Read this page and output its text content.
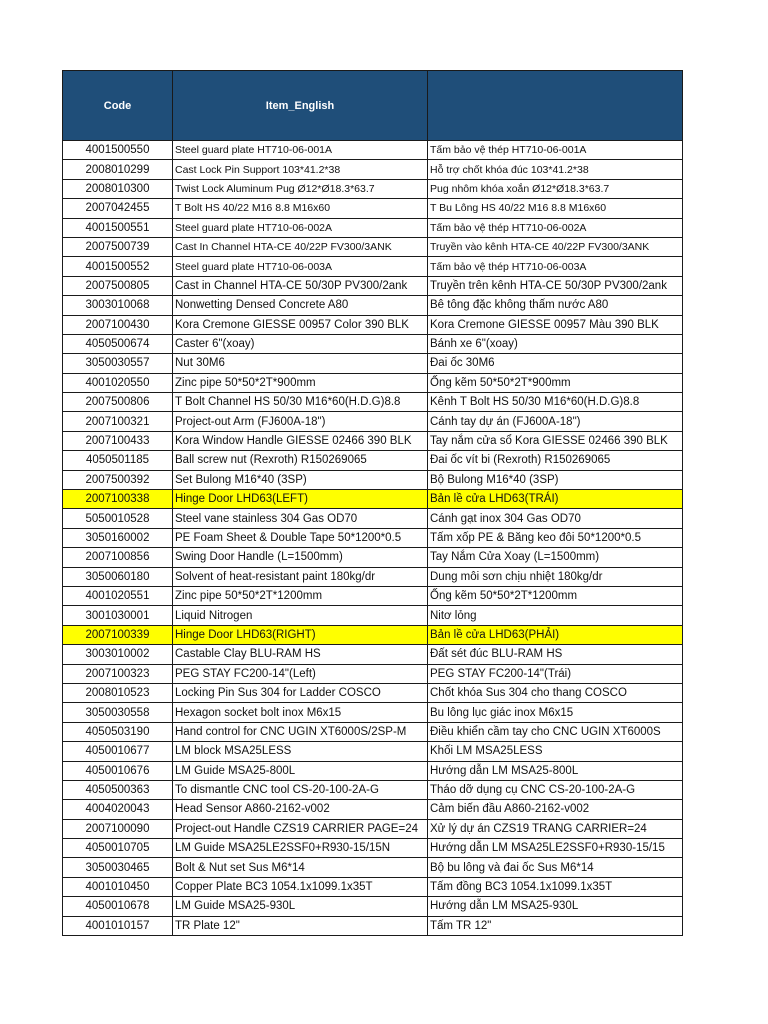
Code	Item_English	
4001500550	Steel guard plate HT710-06-001A	Tấm bảo vệ thép HT710-06-001A
2008010299	Cast Lock Pin Support 103*41.2*38	Hỗ trợ chốt khóa đúc 103*41.2*38
2008010300	Twist Lock Aluminum Pug Ø12*Ø18.3*63.7	Pug nhôm khóa xoắn Ø12*Ø18.3*63.7
2007042455	T Bolt HS 40/22 M16 8.8 M16x60	T Bu Lông HS 40/22 M16 8.8 M16x60
4001500551	Steel guard plate HT710-06-002A	Tấm bảo vệ thép HT710-06-002A
2007500739	Cast In Channel HTA-CE 40/22P FV300/3ANK	Truyền vào kênh HTA-CE 40/22P FV300/3ANK
4001500552	Steel guard plate HT710-06-003A	Tấm bảo vệ thép HT710-06-003A
2007500805	Cast in Channel HTA-CE 50/30P PV300/2ank	Truyền trên kênh HTA-CE 50/30P PV300/2ank
3003010068	Nonwetting Densed Concrete A80	Bê tông đặc không thấm nước A80
2007100430	Kora Cremone GIESSE 00957 Color 390 BLK	Kora Cremone GIESSE 00957 Màu 390 BLK
4050500674	Caster 6"(xoay)	Bánh xe 6"(xoay)
3050030557	Nut 30M6	Đai ốc 30M6
4001020550	Zinc pipe 50*50*2T*900mm	Ống kẽm 50*50*2T*900mm
2007500806	T Bolt Channel HS 50/30 M16*60(H.D.G)8.8	Kênh T Bolt HS 50/30 M16*60(H.D.G)8.8
2007100321	Project-out Arm (FJ600A-18")	Cánh tay dự án (FJ600A-18")
2007100433	Kora Window Handle GIESSE 02466 390 BLK	Tay nắm cửa sổ Kora GIESSE 02466 390 BLK
4050501185	Ball screw nut (Rexroth) R150269065	Đai ốc vít bi (Rexroth) R150269065
2007500392	Set Bulong M16*40 (3SP)	Bộ Bulong M16*40 (3SP)
2007100338	Hinge Door LHD63(LEFT)	Bản lề cửa LHD63(TRÁI)
5050010528	Steel vane stainless 304 Gas OD70	Cánh gạt inox 304 Gas OD70
3050160002	PE Foam Sheet & Double Tape 50*1200*0.5	Tấm xốp PE & Băng keo đôi 50*1200*0.5
2007100856	Swing Door Handle (L=1500mm)	Tay Nắm Cửa Xoay (L=1500mm)
3050060180	Solvent of heat-resistant paint 180kg/dr	Dung môi sơn chịu nhiệt 180kg/dr
4001020551	Zinc pipe 50*50*2T*1200mm	Ống kẽm 50*50*2T*1200mm
3001030001	Liquid Nitrogen	Nitơ lỏng
2007100339	Hinge Door LHD63(RIGHT)	Bản lề cửa LHD63(PHẢI)
3003010002	Castable Clay BLU-RAM HS	Đất sét đúc BLU-RAM HS
2007100323	PEG STAY FC200-14"(Left)	PEG STAY FC200-14"(Trái)
2008010523	Locking Pin Sus 304 for Ladder COSCO	Chốt khóa Sus 304 cho thang COSCO
3050030558	Hexagon socket bolt inox M6x15	Bu lông lục giác inox M6x15
4050503190	Hand control for CNC UGIN XT6000S/2SP-M	Điều khiển cầm tay cho CNC UGIN XT6000S
4050010677	LM block MSA25LESS	Khối LM MSA25LESS
4050010676	LM Guide MSA25-800L	Hướng dẫn LM MSA25-800L
4050500363	To dismantle CNC tool CS-20-100-2A-G	Tháo dỡ dụng cụ CNC CS-20-100-2A-G
4004020043	Head Sensor A860-2162-v002	Cảm biến đầu A860-2162-v002
2007100090	Project-out Handle CZS19 CARRIER PAGE=24	Xử lý dự án CZS19 TRANG CARRIER=24
4050010705	LM Guide MSA25LE2SSF0+R930-15/15N	Hướng dẫn LM MSA25LE2SSF0+R930-15/15
3050030465	Bolt & Nut set Sus M6*14	Bộ bu lông và đai ốc Sus M6*14
4001010450	Copper Plate BC3 1054.1x1099.1x35T	Tấm đồng BC3 1054.1x1099.1x35T
4050010678	LM Guide MSA25-930L	Hướng dẫn LM MSA25-930L
4001010157	TR Plate 12"	Tấm TR 12"
